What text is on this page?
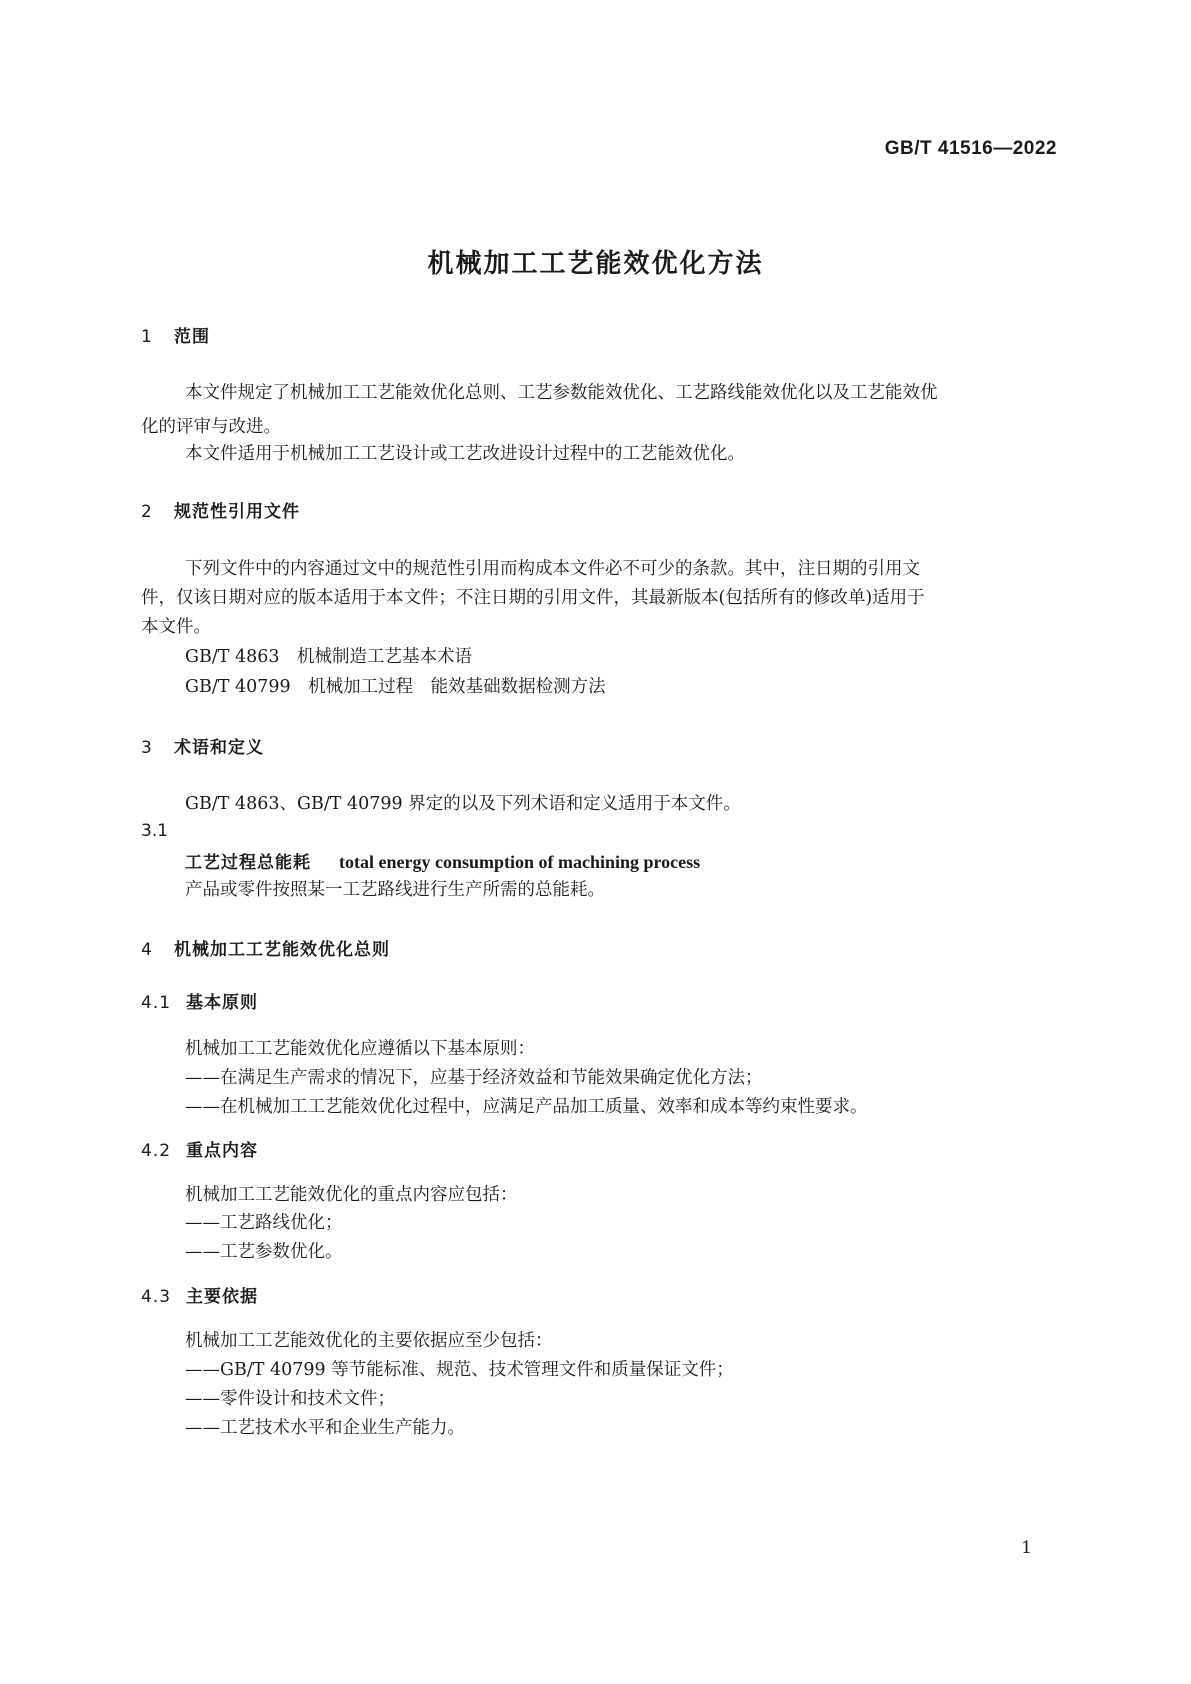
GB/T 41516—2022
机械加工工艺能效优化方法
1 范围
本文件规定了机械加工工艺能效优化总则、工艺参数能效优化、工艺路线能效优化以及工艺能效优
化的评审与改进。
本文件适用于机械加工工艺设计或工艺改进设计过程中的工艺能效优化。
2 规范性引用文件
下列文件中的内容通过文中的规范性引用而构成本文件必不可少的条款。其中，注日期的引用文
件，仅该日期对应的版本适用于本文件；不注日期的引用文件，其最新版本(包括所有的修改单)适用于
本文件。
GB/T 4863　机械制造工艺基本术语
GB/T 40799　机械加工过程　能效基础数据检测方法
3 术语和定义
GB/T 4863、GB/T 40799 界定的以及下列术语和定义适用于本文件。
3.1
工艺过程总能耗 total energy consumption of machining process
产品或零件按照某一工艺路线进行生产所需的总能耗。
4 机械加工工艺能效优化总则
4.1 基本原则
机械加工工艺能效优化应遵循以下基本原则：
——在满足生产需求的情况下，应基于经济效益和节能效果确定优化方法；
——在机械加工工艺能效优化过程中，应满足产品加工质量、效率和成本等约束性要求。
4.2 重点内容
机械加工工艺能效优化的重点内容应包括：
——工艺路线优化；
——工艺参数优化。
4.3 主要依据
机械加工工艺能效优化的主要依据应至少包括：
——GB/T 40799 等节能标准、规范、技术管理文件和质量保证文件；
——零件设计和技术文件；
——工艺技术水平和企业生产能力。
1
